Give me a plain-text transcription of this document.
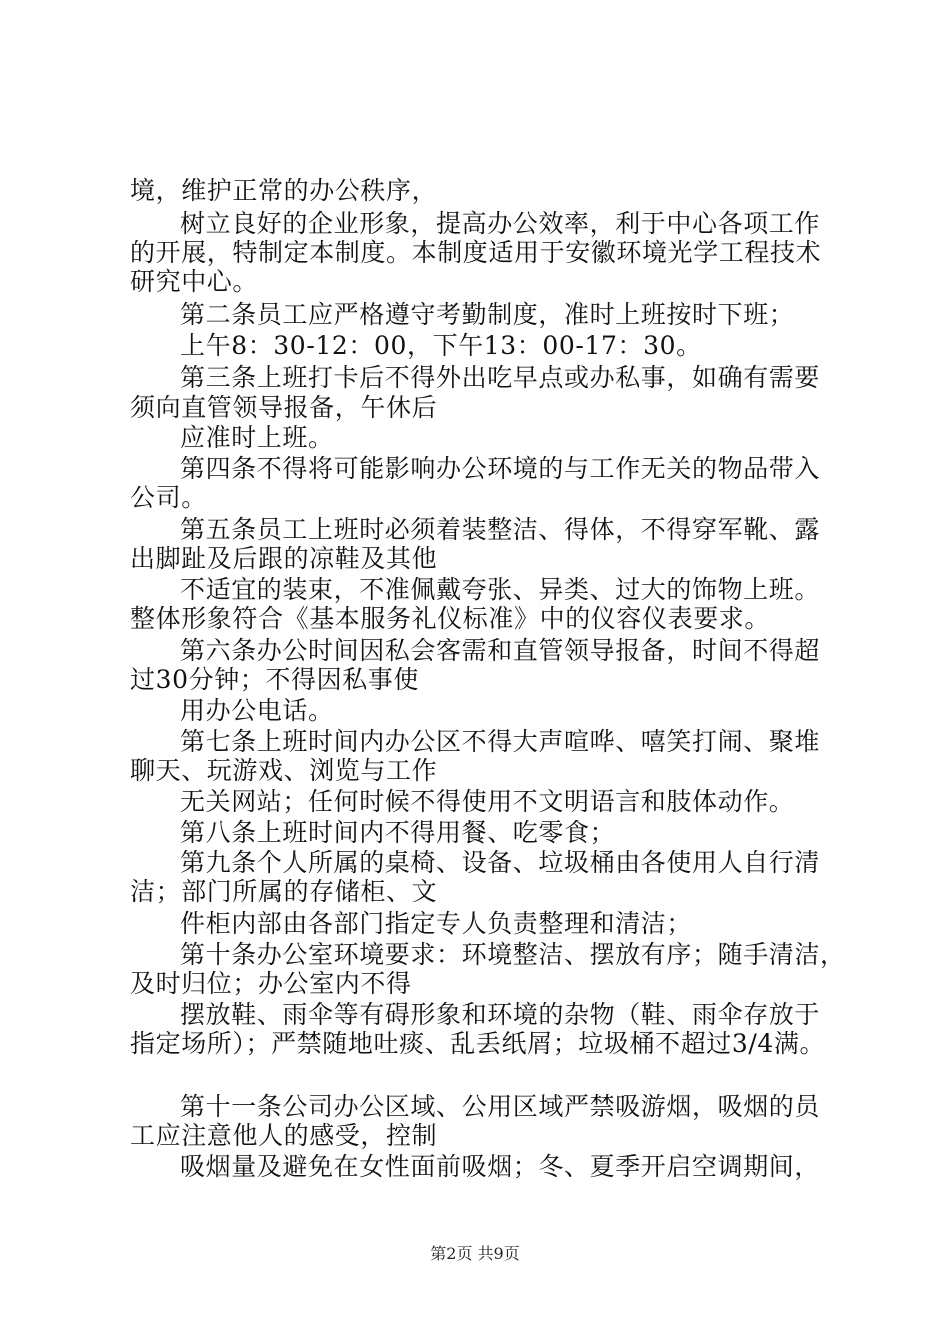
境，维护正常的办公秩序，
树立良好的企业形象，提高办公效率，利于中心各项工作
的开展，特制定本制度。本制度适用于安徽环境光学工程技术
研究中心。
第二条员工应严格遵守考勤制度，准时上班按时下班；
上午8：30-12：00，下午13：00-17：30。
第三条上班打卡后不得外出吃早点或办私事，如确有需要
须向直管领导报备，午休后
应准时上班。
第四条不得将可能影响办公环境的与工作无关的物品带入
公司。
第五条员工上班时必须着装整洁、得体，不得穿军靴、露
出脚趾及后跟的凉鞋及其他
不适宜的装束，不准佩戴夸张、异类、过大的饰物上班。
整体形象符合《基本服务礼仪标准》中的仪容仪表要求。
第六条办公时间因私会客需和直管领导报备，时间不得超
过30分钟；不得因私事使
用办公电话。
第七条上班时间内办公区不得大声喧哗、嘻笑打闹、聚堆
聊天、玩游戏、浏览与工作
无关网站；任何时候不得使用不文明语言和肢体动作。
第八条上班时间内不得用餐、吃零食；
第九条个人所属的桌椅、设备、垃圾桶由各使用人自行清
洁；部门所属的存储柜、文
件柜内部由各部门指定专人负责整理和清洁；
第十条办公室环境要求：环境整洁、摆放有序；随手清洁，
及时归位；办公室内不得
摆放鞋、雨伞等有碍形象和环境的杂物（鞋、雨伞存放于
指定场所）；严禁随地吐痰、乱丢纸屑；垃圾桶不超过3/4满。
第十一条公司办公区域、公用区域严禁吸游烟，吸烟的员
工应注意他人的感受，控制
吸烟量及避免在女性面前吸烟；冬、夏季开启空调期间，
第2页 共9页
